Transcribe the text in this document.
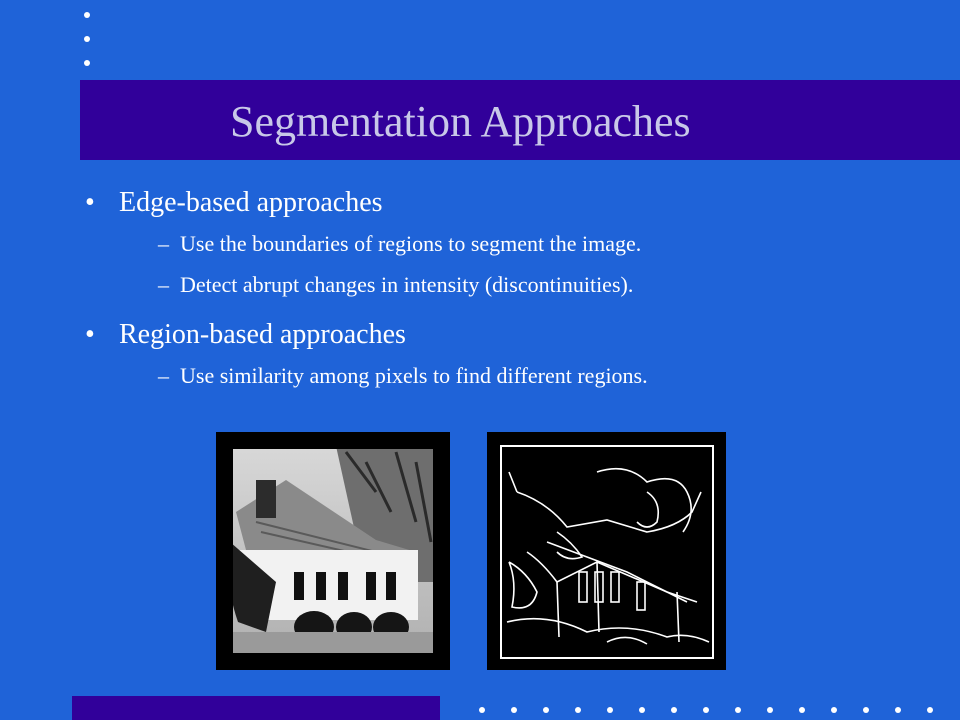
Segmentation Approaches
• Edge-based approaches
– Use the boundaries of regions to segment the image.
– Detect abrupt changes in intensity (discontinuities).
• Region-based approaches
– Use similarity among pixels to find different regions.
